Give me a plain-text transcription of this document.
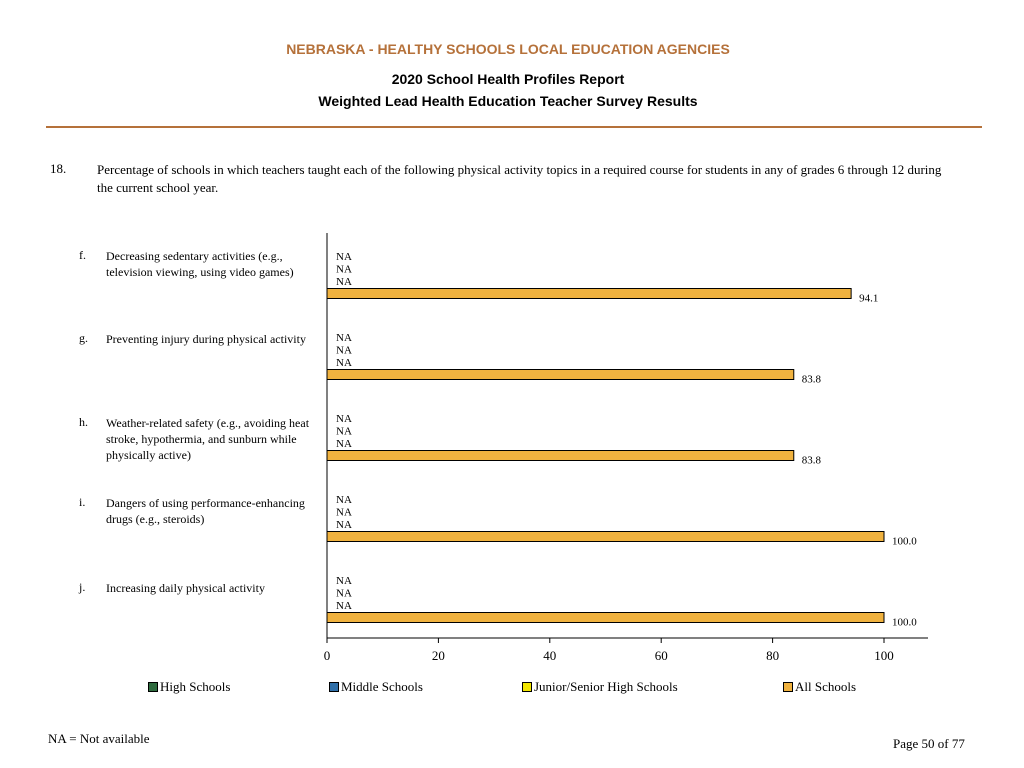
NEBRASKA - HEALTHY SCHOOLS LOCAL EDUCATION AGENCIES
2020 School Health Profiles Report
Weighted Lead Health Education Teacher Survey Results
18. Percentage of schools in which teachers taught each of the following physical activity topics in a required course for students in any of grades 6 through 12 during the current school year.
f. Decreasing sedentary activities (e.g., television viewing, using video games)
g. Preventing injury during physical activity
h. Weather-related safety (e.g., avoiding heat stroke, hypothermia, and sunburn while physically active)
i. Dangers of using performance-enhancing drugs (e.g., steroids)
j. Increasing daily physical activity
NA
NA
NA
94.1
NA
NA
NA
83.8
NA
NA
NA
83.8
NA
NA
NA
100.0
NA
NA
NA
100.0
0	20	40	60	80	100
High Schools	Middle Schools	Junior/Senior High Schools	All Schools
NA = Not available	Page 50 of 77
